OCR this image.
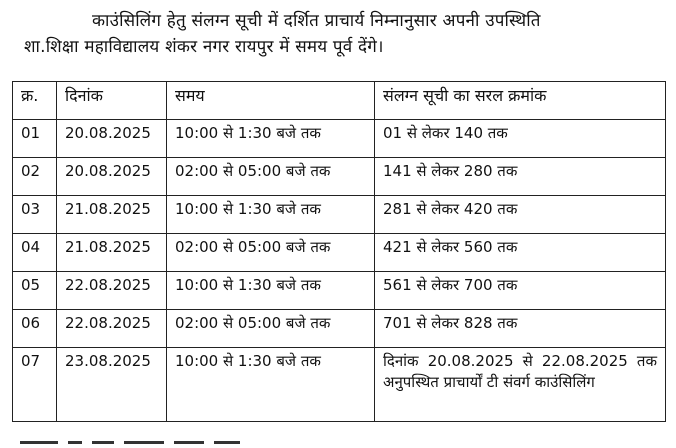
काउंसिलिंग हेतु संलग्न सूची में दर्शित प्राचार्य निम्नानुसार अपनी उपस्थिति
शा.शिक्षा महाविद्यालय शंकर नगर रायपुर में समय पूर्व देंगे।
क्र.	दिनांक	समय	संलग्न सूची का सरल क्रमांक
01	20.08.2025	10:00 से 1:30 बजे तक	01 से लेकर 140 तक
02	20.08.2025	02:00 से 05:00 बजे तक	141 से लेकर 280 तक
03	21.08.2025	10:00 से 1:30 बजे तक	281 से लेकर 420 तक
04	21.08.2025	02:00 से 05:00 बजे तक	421 से लेकर 560 तक
05	22.08.2025	10:00 से 1:30 बजे तक	561 से लेकर 700 तक
06	22.08.2025	02:00 से 05:00 बजे तक	701 से लेकर 828 तक
07	23.08.2025	10:00 से 1:30 बजे तक	दिनांक 20.08.2025 से 22.08.2025 तक अनुपस्थित प्राचार्यों टी संवर्ग काउंसिलिंग
